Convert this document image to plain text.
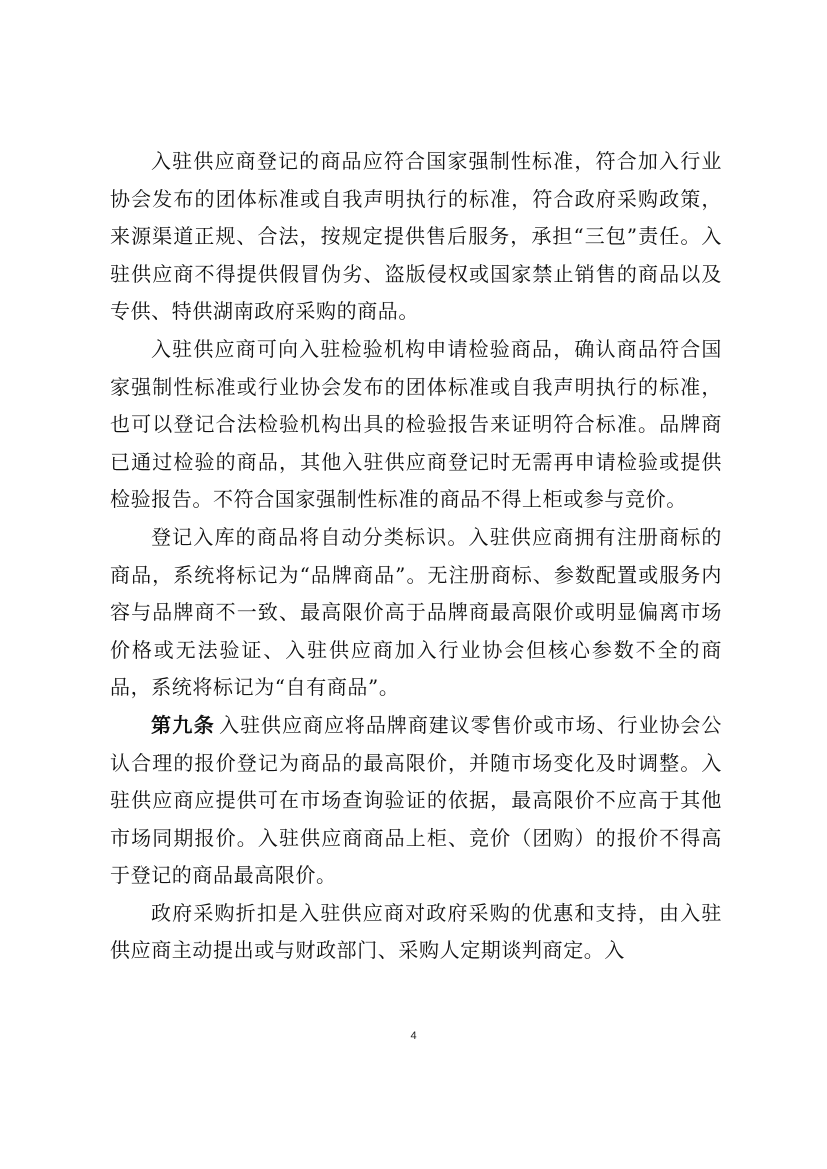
入驻供应商登记的商品应符合国家强制性标准，符合加入行业协会发布的团体标准或自我声明执行的标准，符合政府采购政策，来源渠道正规、合法，按规定提供售后服务，承担“三包”责任。入驻供应商不得提供假冒伪劣、盗版侵权或国家禁止销售的商品以及专供、特供湖南政府采购的商品。

入驻供应商可向入驻检验机构申请检验商品，确认商品符合国家强制性标准或行业协会发布的团体标准或自我声明执行的标准，也可以登记合法检验机构出具的检验报告来证明符合标准。品牌商已通过检验的商品，其他入驻供应商登记时无需再申请检验或提供检验报告。不符合国家强制性标准的商品不得上柜或参与竞价。

登记入库的商品将自动分类标识。入驻供应商拥有注册商标的商品，系统将标记为“品牌商品”。无注册商标、参数配置或服务内容与品牌商不一致、最高限价高于品牌商最高限价或明显偏离市场价格或无法验证、入驻供应商加入行业协会但核心参数不全的商品，系统将标记为“自有商品”。

第九条 入驻供应商应将品牌商建议零售价或市场、行业协会公认合理的报价登记为商品的最高限价，并随市场变化及时调整。入驻供应商应提供可在市场查询验证的依据，最高限价不应高于其他市场同期报价。入驻供应商商品上柜、竞价（团购）的报价不得高于登记的商品最高限价。

政府采购折扣是入驻供应商对政府采购的优惠和支持，由入驻供应商主动提出或与财政部门、采购人定期谈判商定。入

4
